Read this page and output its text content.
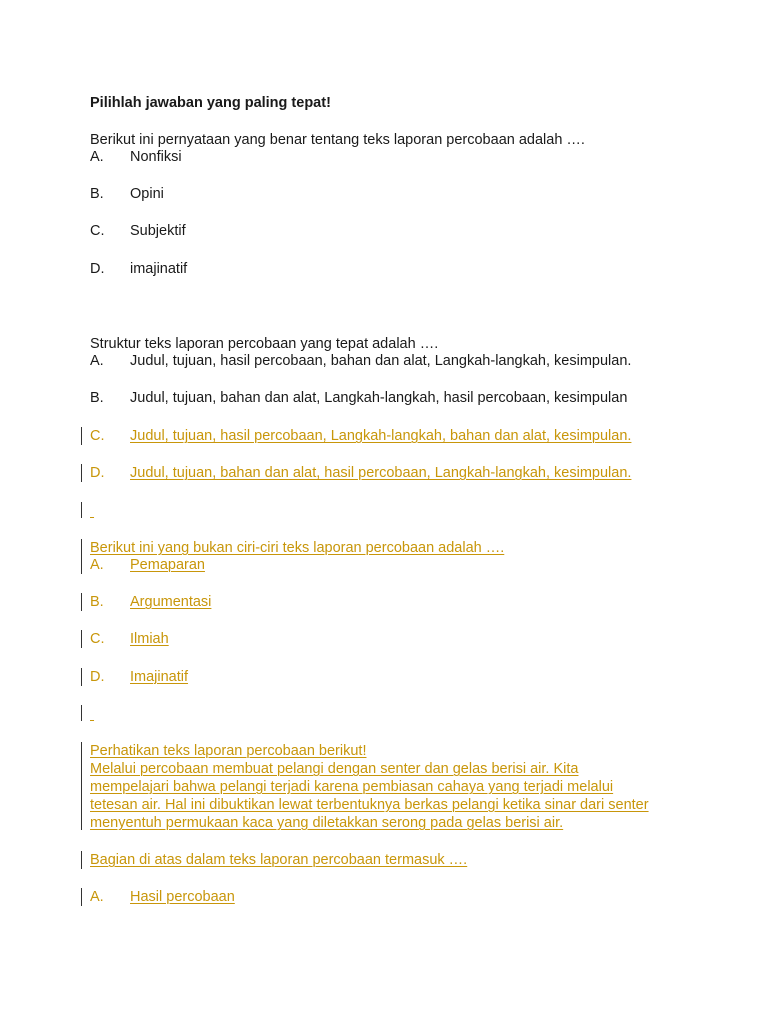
Pilihlah jawaban yang paling tepat!
Berikut ini pernyataan yang benar tentang teks laporan percobaan adalah ….
A. Nonfiksi
B. Opini
C. Subjektif
D. imajinatif
Struktur teks laporan percobaan yang tepat adalah ….
A. Judul, tujuan, hasil percobaan, bahan dan alat, Langkah-langkah, kesimpulan.
B. Judul, tujuan, bahan dan alat, Langkah-langkah, hasil percobaan, kesimpulan
C. Judul, tujuan, hasil percobaan, Langkah-langkah, bahan dan alat, kesimpulan.
D. Judul, tujuan, bahan dan alat, hasil percobaan, Langkah-langkah, kesimpulan.

Berikut ini yang bukan ciri-ciri teks laporan percobaan adalah ….
A. Pemaparan
B. Argumentasi
C. Ilmiah
D. Imajinatif

Perhatikan teks laporan percobaan berikut!
Melalui percobaan membuat pelangi dengan senter dan gelas berisi air. Kita
mempelajari bahwa pelangi terjadi karena pembiasan cahaya yang terjadi melalui
tetesan air. Hal ini dibuktikan lewat terbentuknya berkas pelangi ketika sinar dari senter
menyentuh permukaan kaca yang diletakkan serong pada gelas berisi air.
Bagian di atas dalam teks laporan percobaan termasuk ….
A. Hasil percobaan
